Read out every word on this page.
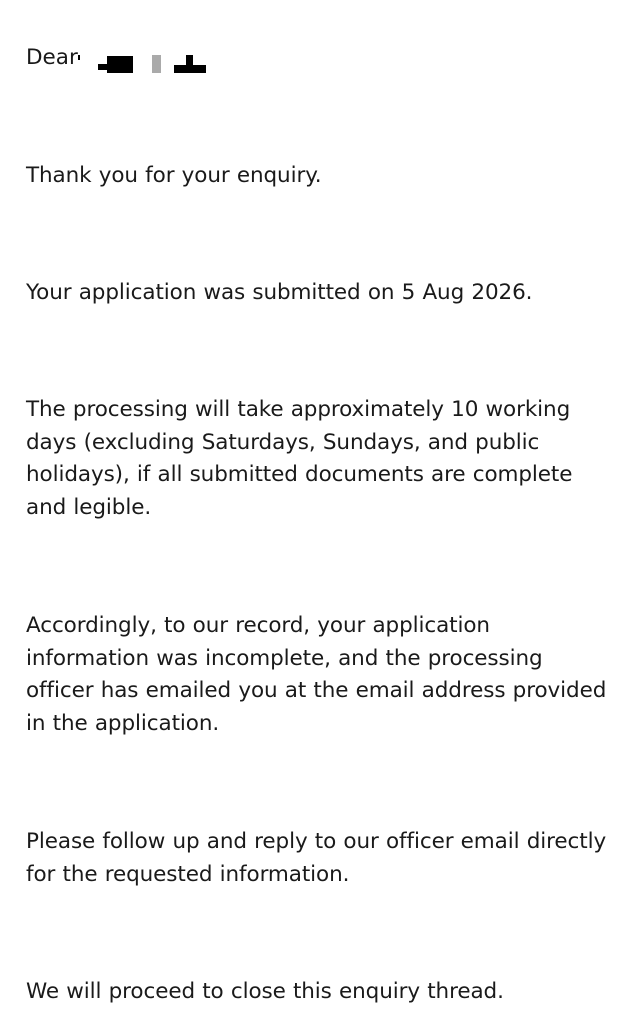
Dear

Thank you for your enquiry.

Your application was submitted on 5 Aug 2026.

The processing will take approximately 10 working days (excluding Saturdays, Sundays, and public holidays), if all submitted documents are complete and legible.

Accordingly, to our record, your application information was incomplete, and the processing officer has emailed you at the email address provided in the application.

Please follow up and reply to our officer email directly for the requested information.

We will proceed to close this enquiry thread.
